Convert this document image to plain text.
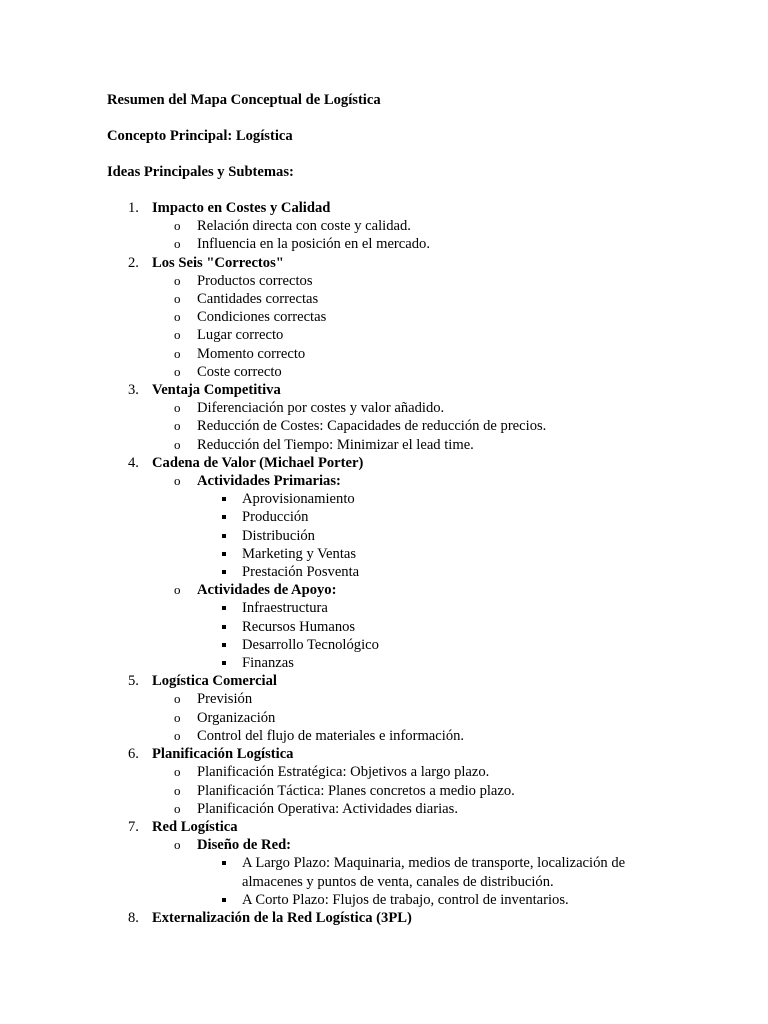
Resumen del Mapa Conceptual de Logística

Concepto Principal: Logística

Ideas Principales y Subtemas:

1. Impacto en Costes y Calidad
o Relación directa con coste y calidad.
o Influencia en la posición en el mercado.
2. Los Seis "Correctos"
o Productos correctos
o Cantidades correctas
o Condiciones correctas
o Lugar correcto
o Momento correcto
o Coste correcto
3. Ventaja Competitiva
o Diferenciación por costes y valor añadido.
o Reducción de Costes: Capacidades de reducción de precios.
o Reducción del Tiempo: Minimizar el lead time.
4. Cadena de Valor (Michael Porter)
o Actividades Primarias:
Aprovisionamiento
Producción
Distribución
Marketing y Ventas
Prestación Posventa
o Actividades de Apoyo:
Infraestructura
Recursos Humanos
Desarrollo Tecnológico
Finanzas
5. Logística Comercial
o Previsión
o Organización
o Control del flujo de materiales e información.
6. Planificación Logística
o Planificación Estratégica: Objetivos a largo plazo.
o Planificación Táctica: Planes concretos a medio plazo.
o Planificación Operativa: Actividades diarias.
7. Red Logística
o Diseño de Red:
A Largo Plazo: Maquinaria, medios de transporte, localización de almacenes y puntos de venta, canales de distribución.
A Corto Plazo: Flujos de trabajo, control de inventarios.
8. Externalización de la Red Logística (3PL)
